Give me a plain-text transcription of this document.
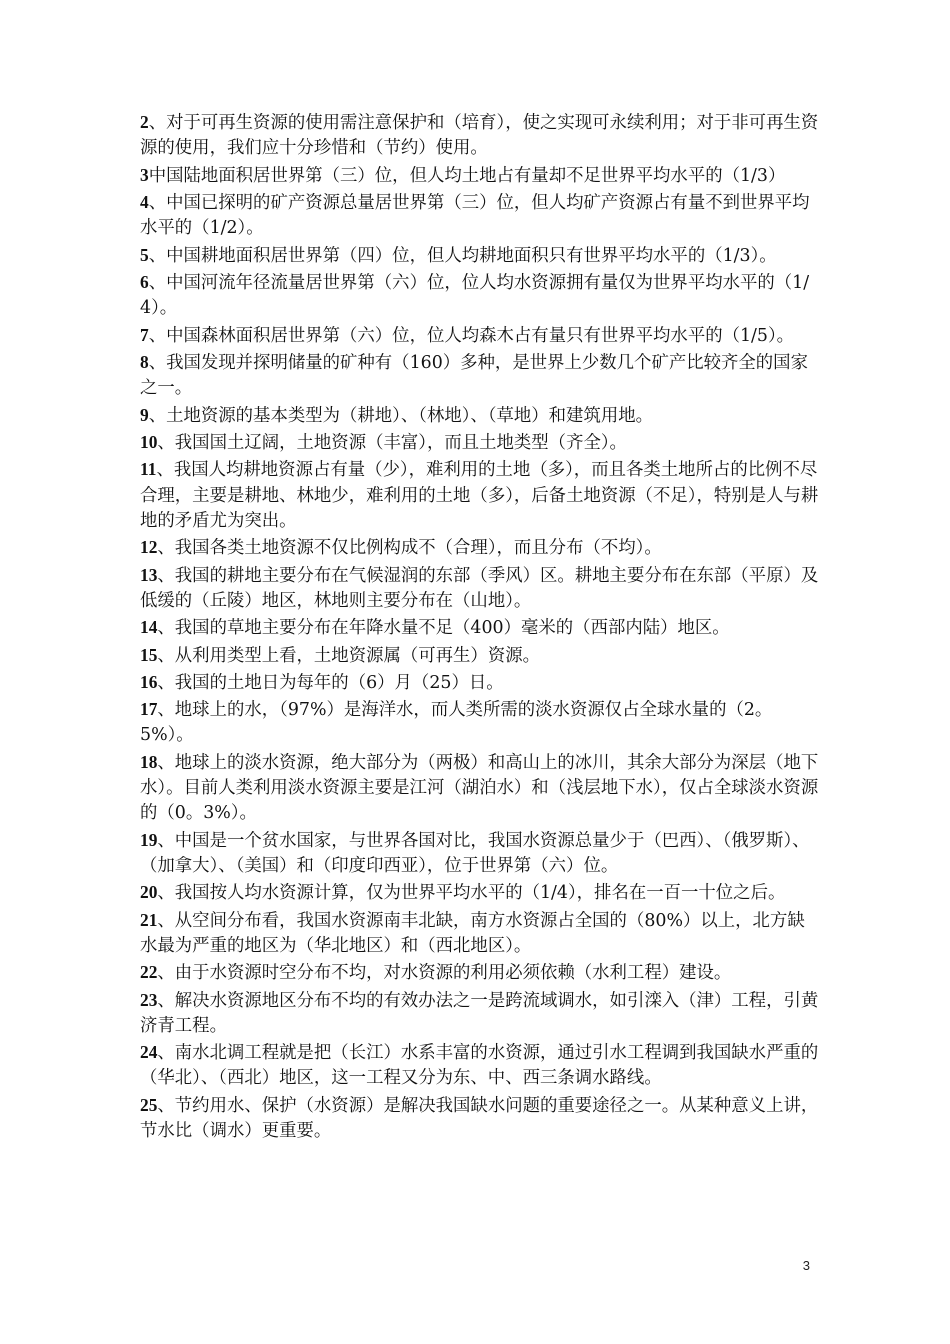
2、对于可再生资源的使用需注意保护和（培育），使之实现可永续利用；对于非可再生资源的使用，我们应十分珍惜和（节约）使用。

3中国陆地面积居世界第（三）位，但人均土地占有量却不足世界平均水平的（1/3）

4、中国已探明的矿产资源总量居世界第（三）位，但人均矿产资源占有量不到世界平均水平的（1/2）。

5、中国耕地面积居世界第（四）位，但人均耕地面积只有世界平均水平的（1/3）。

6、中国河流年径流量居世界第（六）位，位人均水资源拥有量仅为世界平均水平的（1/4）。

7、中国森林面积居世界第（六）位，位人均森木占有量只有世界平均水平的（1/5）。

8、我国发现并探明储量的矿种有（160）多种，是世界上少数几个矿产比较齐全的国家之一。

9、土地资源的基本类型为（耕地）、（林地）、（草地）和建筑用地。

10、我国国土辽阔，土地资源（丰富），而且土地类型（齐全）。

11、我国人均耕地资源占有量（少），难利用的土地（多），而且各类土地所占的比例不尽合理，主要是耕地、林地少，难利用的土地（多），后备土地资源（不足），特别是人与耕地的矛盾尤为突出。

12、我国各类土地资源不仅比例构成不（合理），而且分布（不均）。

13、我国的耕地主要分布在气候湿润的东部（季风）区。耕地主要分布在东部（平原）及低缓的（丘陵）地区，林地则主要分布在（山地）。

14、我国的草地主要分布在年降水量不足（400）毫米的（西部内陆）地区。

15、从利用类型上看，土地资源属（可再生）资源。

16、我国的土地日为每年的（6）月（25）日。

17、地球上的水，（97%）是海洋水，而人类所需的淡水资源仅占全球水量的（2。5%）。

18、地球上的淡水资源，绝大部分为（两极）和高山上的冰川，其余大部分为深层（地下水）。目前人类利用淡水资源主要是江河（湖泊水）和（浅层地下水），仅占全球淡水资源的（0。3%）。

19、中国是一个贫水国家，与世界各国对比，我国水资源总量少于（巴西）、（俄罗斯）、（加拿大）、（美国）和（印度印西亚），位于世界第（六）位。

20、我国按人均水资源计算，仅为世界平均水平的（1/4），排名在一百一十位之后。

21、从空间分布看，我国水资源南丰北缺，南方水资源占全国的（80%）以上，北方缺水最为严重的地区为（华北地区）和（西北地区）。

22、由于水资源时空分布不均，对水资源的利用必须依赖（水利工程）建设。

23、解决水资源地区分布不均的有效办法之一是跨流域调水，如引滦入（津）工程，引黄济青工程。

24、南水北调工程就是把（长江）水系丰富的水资源，通过引水工程调到我国缺水严重的（华北）、（西北）地区，这一工程又分为东、中、西三条调水路线。

25、节约用水、保护（水资源）是解决我国缺水问题的重要途径之一。从某种意义上讲，节水比（调水）更重要。

3
